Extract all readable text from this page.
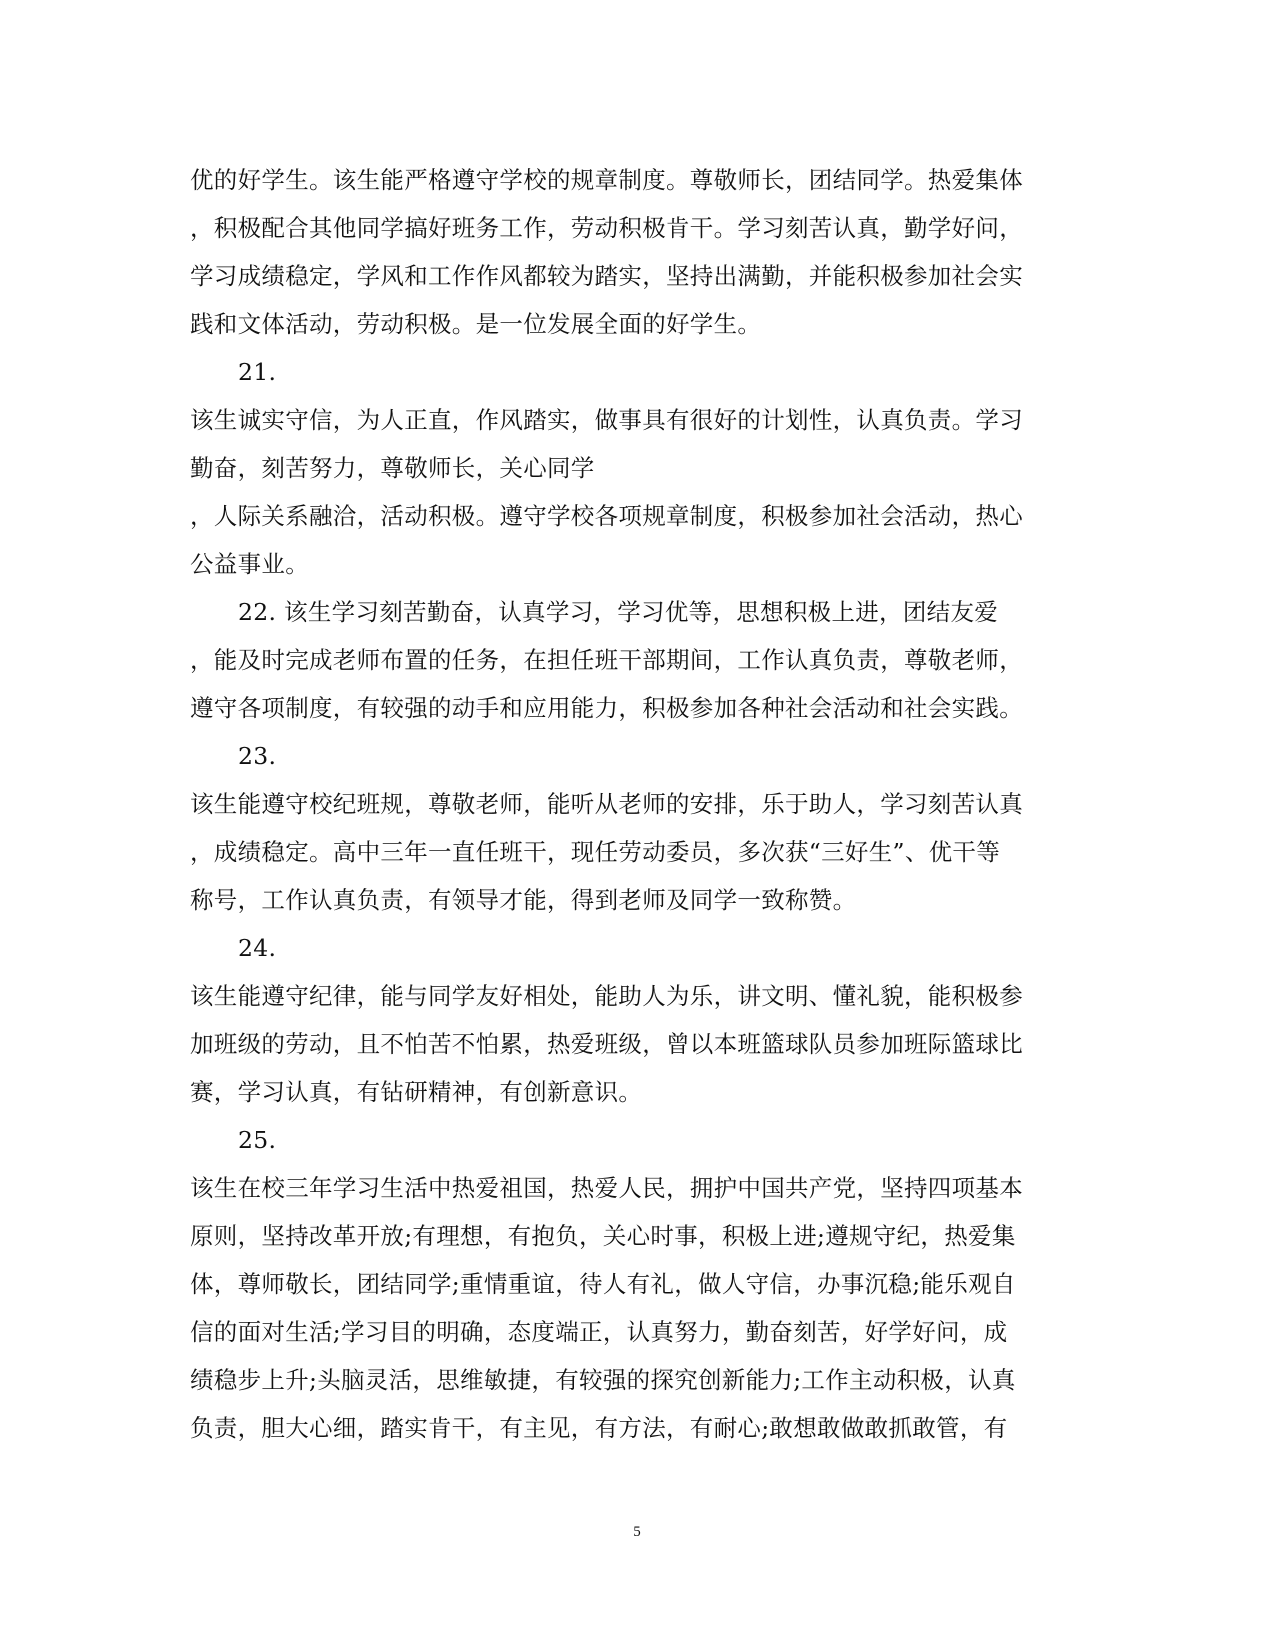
优的好学生。该生能严格遵守学校的规章制度。尊敬师长，团结同学。热爱集体
，积极配合其他同学搞好班务工作，劳动积极肯干。学习刻苦认真，勤学好问，
学习成绩稳定，学风和工作作风都较为踏实，坚持出满勤，并能积极参加社会实
践和文体活动，劳动积极。是一位发展全面的好学生。
21.
该生诚实守信，为人正直，作风踏实，做事具有很好的计划性，认真负责。学习
勤奋，刻苦努力，尊敬师长，关心同学
，人际关系融洽，活动积极。遵守学校各项规章制度，积极参加社会活动，热心
公益事业。
22. 该生学习刻苦勤奋，认真学习，学习优等，思想积极上进，团结友爱
，能及时完成老师布置的任务，在担任班干部期间，工作认真负责，尊敬老师，
遵守各项制度，有较强的动手和应用能力，积极参加各种社会活动和社会实践。
23.
该生能遵守校纪班规，尊敬老师，能听从老师的安排，乐于助人，学习刻苦认真
，成绩稳定。高中三年一直任班干，现任劳动委员，多次获“三好生”、优干等
称号，工作认真负责，有领导才能，得到老师及同学一致称赞。
24.
该生能遵守纪律，能与同学友好相处，能助人为乐，讲文明、懂礼貌，能积极参
加班级的劳动，且不怕苦不怕累，热爱班级，曾以本班篮球队员参加班际篮球比
赛，学习认真，有钻研精神，有创新意识。
25.
该生在校三年学习生活中热爱祖国，热爱人民，拥护中国共产党，坚持四项基本
原则，坚持改革开放;有理想，有抱负，关心时事，积极上进;遵规守纪，热爱集
体，尊师敬长，团结同学;重情重谊，待人有礼，做人守信，办事沉稳;能乐观自
信的面对生活;学习目的明确，态度端正，认真努力，勤奋刻苦，好学好问，成
绩稳步上升;头脑灵活，思维敏捷，有较强的探究创新能力;工作主动积极，认真
负责，胆大心细，踏实肯干，有主见，有方法，有耐心;敢想敢做敢抓敢管，有
5
